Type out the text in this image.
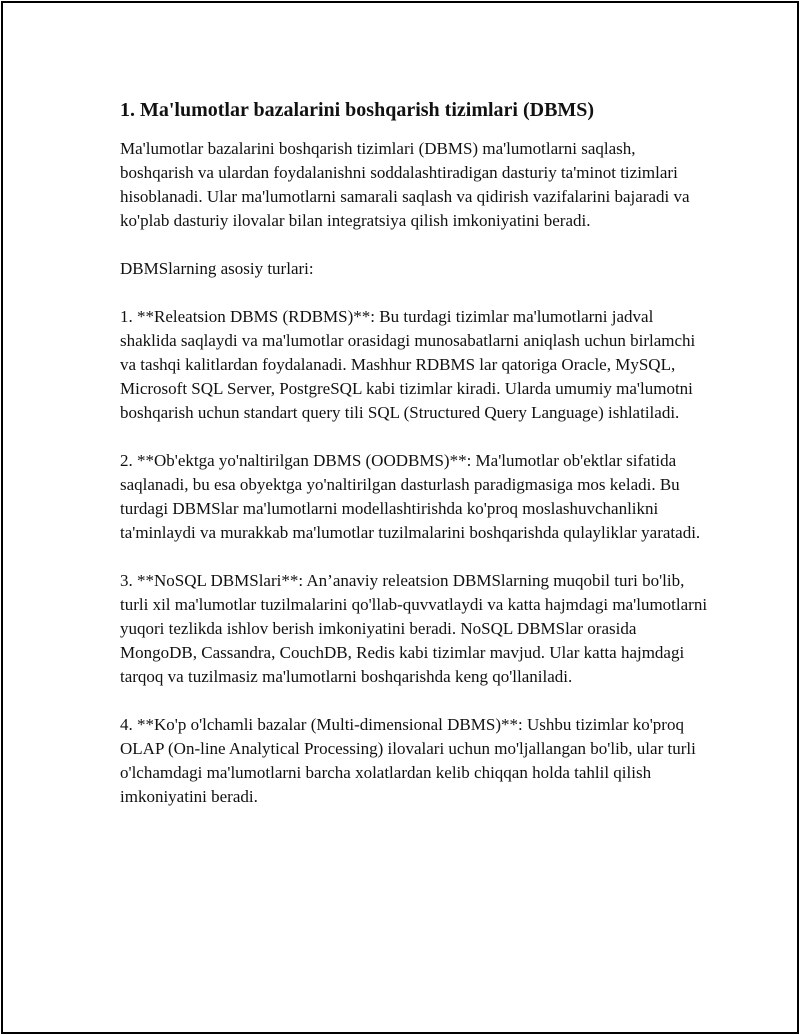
1. Ma'lumotlar bazalarini boshqarish tizimlari (DBMS)

Ma'lumotlar bazalarini boshqarish tizimlari (DBMS) ma'lumotlarni saqlash, boshqarish va ulardan foydalanishni soddalashtiradigan dasturiy ta'minot tizimlari hisoblanadi. Ular ma'lumotlarni samarali saqlash va qidirish vazifalarini bajaradi va ko'plab dasturiy ilovalar bilan integratsiya qilish imkoniyatini beradi.

DBMSlarning asosiy turlari:

1. **Releatsion DBMS (RDBMS)**: Bu turdagi tizimlar ma'lumotlarni jadval shaklida saqlaydi va ma'lumotlar orasidagi munosabatlarni aniqlash uchun birlamchi va tashqi kalitlardan foydalanadi. Mashhur RDBMS lar qatoriga Oracle, MySQL, Microsoft SQL Server, PostgreSQL kabi tizimlar kiradi. Ularda umumiy ma'lumotni boshqarish uchun standart query tili SQL (Structured Query Language) ishlatiladi.

2. **Ob'ektga yo'naltirilgan DBMS (OODBMS)**: Ma'lumotlar ob'ektlar sifatida saqlanadi, bu esa obyektga yo'naltirilgan dasturlash paradigmasiga mos keladi. Bu turdagi DBMSlar ma'lumotlarni modellashtirishda ko'proq moslashuvchanlikni ta'minlaydi va murakkab ma'lumotlar tuzilmalarini boshqarishda qulayliklar yaratadi.

3. **NoSQL DBMSlari**: An’anaviy releatsion DBMSlarning muqobil turi bo'lib, turli xil ma'lumotlar tuzilmalarini qo'llab-quvvatlaydi va katta hajmdagi ma'lumotlarni yuqori tezlikda ishlov berish imkoniyatini beradi. NoSQL DBMSlar orasida MongoDB, Cassandra, CouchDB, Redis kabi tizimlar mavjud. Ular katta hajmdagi tarqoq va tuzilmasiz ma'lumotlarni boshqarishda keng qo'llaniladi.

4. **Ko'p o'lchamli bazalar (Multi-dimensional DBMS)**: Ushbu tizimlar ko'proq OLAP (On-line Analytical Processing) ilovalari uchun mo'ljallangan bo'lib, ular turli o'lchamdagi ma'lumotlarni barcha xolatlardan kelib chiqqan holda tahlil qilish imkoniyatini beradi.
